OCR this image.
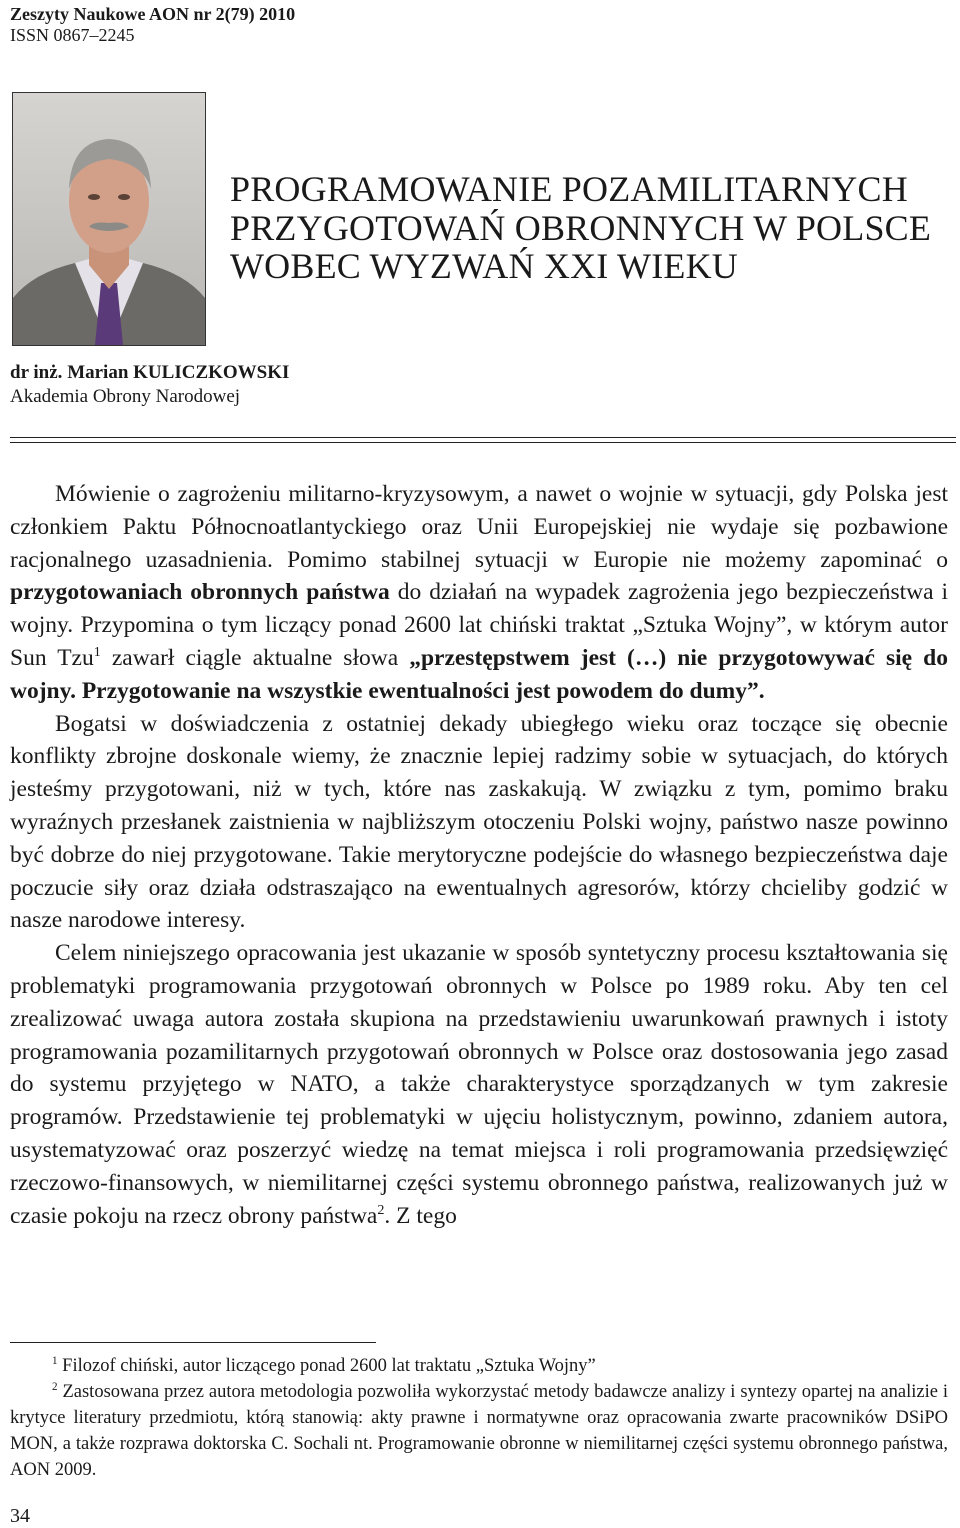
Zeszyty Naukowe AON nr 2(79) 2010
ISSN 0867–2245
PROGRAMOWANIE POZAMILITARNYCH
PRZYGOTOWAŃ OBRONNYCH W POLSCE
WOBEC WYZWAŃ XXI WIEKU
dr inż. Marian KULICZKOWSKI
Akademia Obrony Narodowej

Mówienie o zagrożeniu militarno-kryzysowym, a nawet o wojnie w sytuacji, gdy Polska jest członkiem Paktu Północnoatlantyckiego oraz Unii Europejskiej nie wydaje się pozbawione racjonalnego uzasadnienia. Pomimo stabilnej sytuacji w Europie nie możemy zapominać o przygotowaniach obronnych państwa do działań na wypadek zagrożenia jego bezpieczeństwa i wojny. Przypomina o tym liczący ponad 2600 lat chiński traktat „Sztuka Wojny”, w którym autor Sun Tzu$^1$ zawarł ciągle aktualne słowa „przestępstwem jest (…) nie przygotowywać się do wojny. Przygotowanie na wszystkie ewentualności jest powodem do dumy”.

Bogatsi w doświadczenia z ostatniej dekady ubiegłego wieku oraz toczące się obecnie konflikty zbrojne doskonale wiemy, że znacznie lepiej radzimy sobie w sytuacjach, do których jesteśmy przygotowani, niż w tych, które nas zaskakują. W związku z tym, pomimo braku wyraźnych przesłanek zaistnienia w najbliższym otoczeniu Polski wojny, państwo nasze powinno być dobrze do niej przygotowane. Takie merytoryczne podejście do własnego bezpieczeństwa daje poczucie siły oraz działa odstraszająco na ewentualnych agresorów, którzy chcieliby godzić w nasze narodowe interesy.

Celem niniejszego opracowania jest ukazanie w sposób syntetyczny procesu kształtowania się problematyki programowania przygotowań obronnych w Polsce po 1989 roku. Aby ten cel zrealizować uwaga autora została skupiona na przedstawieniu uwarunkowań prawnych i istoty programowania pozamilitarnych przygotowań obronnych w Polsce oraz dostosowania jego zasad do systemu przyjętego w NATO, a także charakterystyce sporządzanych w tym zakresie programów. Przedstawienie tej problematyki w ujęciu holistycznym, powinno, zdaniem autora, usystematyzować oraz poszerzyć wiedzę na temat miejsca i roli programowania przedsięwzięć rzeczowo-finansowych, w niemilitarnej części systemu obronnego państwa, realizowanych już w czasie pokoju na rzecz obrony państwa$^2$. Z tego

$^1$ Filozof chiński, autor liczącego ponad 2600 lat traktatu „Sztuka Wojny”

$^2$ Zastosowana przez autora metodologia pozwoliła wykorzystać metody badawcze analizy i syntezy opartej na analizie i krytyce literatury przedmiotu, którą stanowią: akty prawne i normatywne oraz opracowania zwarte pracowników DSiPO MON, a także rozprawa doktorska C. Sochali nt. Programowanie obronne w niemilitarnej części systemu obronnego państwa, AON 2009.

34
